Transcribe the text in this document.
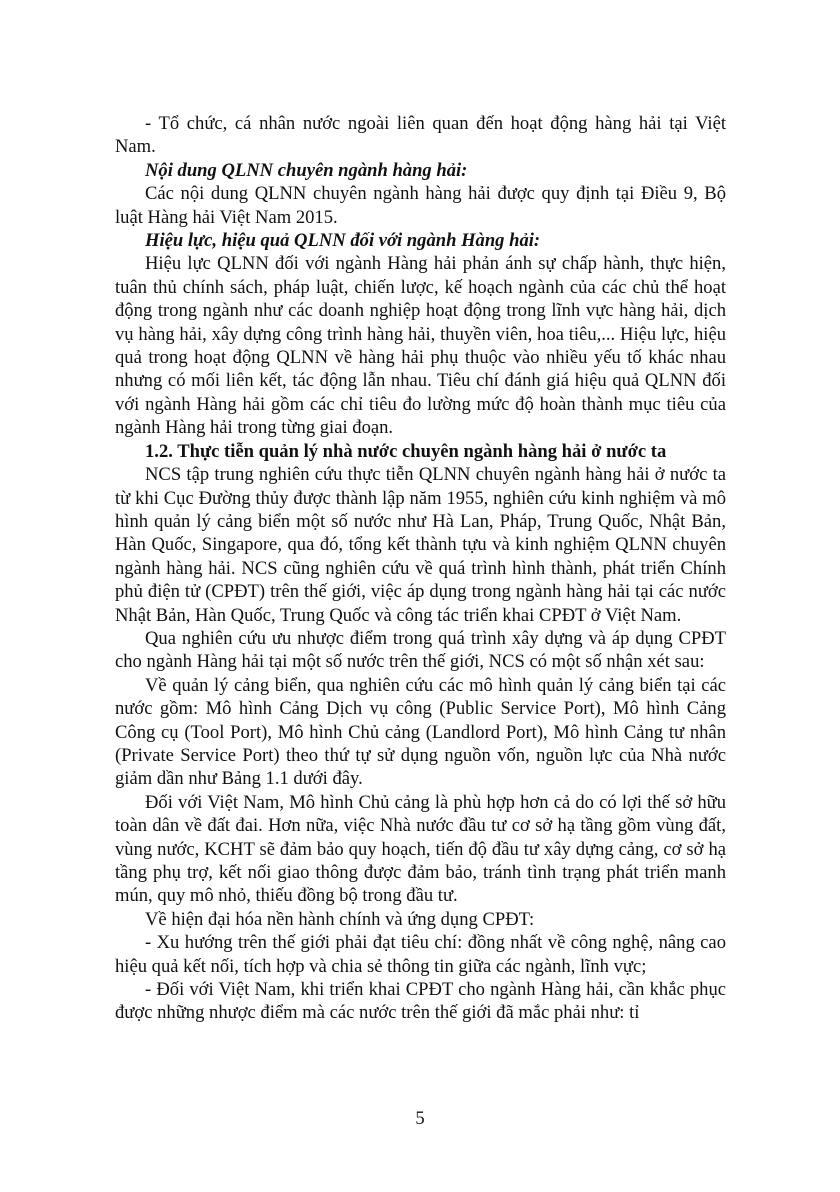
- Tổ chức, cá nhân nước ngoài liên quan đến hoạt động hàng hải tại Việt Nam.

Nội dung QLNN chuyên ngành hàng hải:

Các nội dung QLNN chuyên ngành hàng hải được quy định tại Điều 9, Bộ luật Hàng hải Việt Nam 2015.

Hiệu lực, hiệu quả QLNN đối với ngành Hàng hải:

Hiệu lực QLNN đối với ngành Hàng hải phản ánh sự chấp hành, thực hiện, tuân thủ chính sách, pháp luật, chiến lược, kế hoạch ngành của các chủ thể hoạt động trong ngành như các doanh nghiệp hoạt động trong lĩnh vực hàng hải, dịch vụ hàng hải, xây dựng công trình hàng hải, thuyền viên, hoa tiêu,... Hiệu lực, hiệu quả trong hoạt động QLNN về hàng hải phụ thuộc vào nhiều yếu tố khác nhau nhưng có mối liên kết, tác động lẫn nhau. Tiêu chí đánh giá hiệu quả QLNN đối với ngành Hàng hải gồm các chỉ tiêu đo lường mức độ hoàn thành mục tiêu của ngành Hàng hải trong từng giai đoạn.

1.2. Thực tiễn quản lý nhà nước chuyên ngành hàng hải ở nước ta

NCS tập trung nghiên cứu thực tiễn QLNN chuyên ngành hàng hải ở nước ta từ khi Cục Đường thủy được thành lập năm 1955, nghiên cứu kinh nghiệm và mô hình quản lý cảng biển một số nước như Hà Lan, Pháp, Trung Quốc, Nhật Bản, Hàn Quốc, Singapore, qua đó, tổng kết thành tựu và kinh nghiệm QLNN chuyên ngành hàng hải. NCS cũng nghiên cứu về quá trình hình thành, phát triển Chính phủ điện tử (CPĐT) trên thế giới, việc áp dụng trong ngành hàng hải tại các nước Nhật Bản, Hàn Quốc, Trung Quốc và công tác triển khai CPĐT ở Việt Nam.

Qua nghiên cứu ưu nhược điểm trong quá trình xây dựng và áp dụng CPĐT cho ngành Hàng hải tại một số nước trên thế giới, NCS có một số nhận xét sau:

Về quản lý cảng biển, qua nghiên cứu các mô hình quản lý cảng biển tại các nước gồm: Mô hình Cảng Dịch vụ công (Public Service Port), Mô hình Cảng Công cụ (Tool Port), Mô hình Chủ cảng (Landlord Port), Mô hình Cảng tư nhân (Private Service Port) theo thứ tự sử dụng nguồn vốn, nguồn lực của Nhà nước giảm dần như Bảng 1.1 dưới đây.

Đối với Việt Nam, Mô hình Chủ cảng là phù hợp hơn cả do có lợi thế sở hữu toàn dân về đất đai. Hơn nữa, việc Nhà nước đầu tư cơ sở hạ tầng gồm vùng đất, vùng nước, KCHT sẽ đảm bảo quy hoạch, tiến độ đầu tư xây dựng cảng, cơ sở hạ tầng phụ trợ, kết nối giao thông được đảm bảo, tránh tình trạng phát triển manh mún, quy mô nhỏ, thiếu đồng bộ trong đầu tư.

Về hiện đại hóa nền hành chính và ứng dụng CPĐT:

- Xu hướng trên thế giới phải đạt tiêu chí: đồng nhất về công nghệ, nâng cao hiệu quả kết nối, tích hợp và chia sẻ thông tin giữa các ngành, lĩnh vực;

- Đối với Việt Nam, khi triển khai CPĐT cho ngành Hàng hải, cần khắc phục được những nhược điểm mà các nước trên thế giới đã mắc phải như: tỉ

5
